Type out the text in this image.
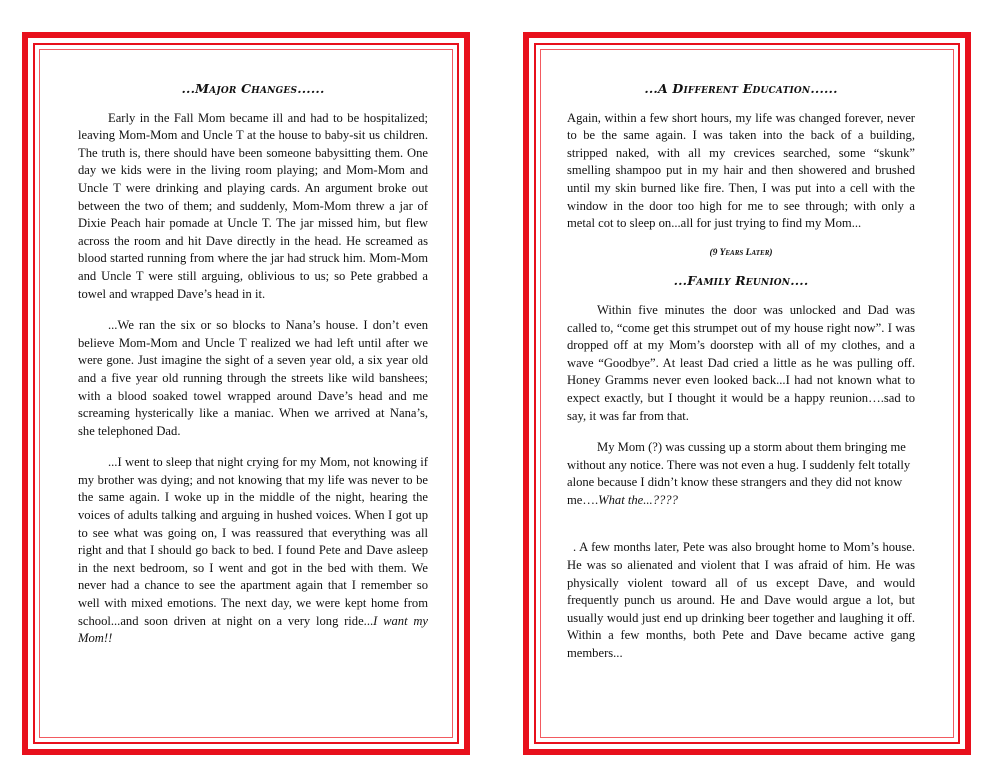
...Major Changes......

Early in the Fall Mom became ill and had to be hospitalized; leaving Mom-Mom and Uncle T at the house to baby-sit us children. The truth is, there should have been someone babysitting them. One day we kids were in the living room playing; and Mom-Mom and Uncle T were drinking and playing cards. An argument broke out between the two of them; and suddenly, Mom-Mom threw a jar of Dixie Peach hair pomade at Uncle T. The jar missed him, but flew across the room and hit Dave directly in the head. He screamed as blood started running from where the jar had struck him. Mom-Mom and Uncle T were still arguing, oblivious to us; so Pete grabbed a towel and wrapped Dave’s head in it.

...We ran the six or so blocks to Nana’s house. I don’t even believe Mom-Mom and Uncle T realized we had left until after we were gone. Just imagine the sight of a seven year old, a six year old and a five year old running through the streets like wild banshees; with a blood soaked towel wrapped around Dave’s head and me screaming hysterically like a maniac. When we arrived at Nana’s, she telephoned Dad.

...I went to sleep that night crying for my Mom, not knowing if my brother was dying; and not knowing that my life was never to be the same again. I woke up in the middle of the night, hearing the voices of adults talking and arguing in hushed voices. When I got up to see what was going on, I was reassured that everything was all right and that I should go back to bed. I found Pete and Dave asleep in the next bedroom, so I went and got in the bed with them. We never had a chance to see the apartment again that I remember so well with mixed emotions. The next day, we were kept home from school...and soon driven at night on a very long ride...I want my Mom!!

...A Different Education......

Again, within a few short hours, my life was changed forever, never to be the same again. I was taken into the back of a building, stripped naked, with all my crevices searched, some “skunk” smelling shampoo put in my hair and then showered and brushed until my skin burned like fire. Then, I was put into a cell with the window in the door too high for me to see through; with only a metal cot to sleep on...all for just trying to find my Mom...

(9 Years Later)
...Family Reunion....

Within five minutes the door was unlocked and Dad was called to, “come get this strumpet out of my house right now”. I was dropped off at my Mom’s doorstep with all of my clothes, and a wave “Goodbye”. At least Dad cried a little as he was pulling off. Honey Gramms never even looked back...I had not known what to expect exactly, but I thought it would be a happy reunion….sad to say, it was far from that.

My Mom (?) was cussing up a storm about them bringing me without any notice. There was not even a hug. I suddenly felt totally alone because I didn’t know these strangers and they did not know me….What the...????

. A few months later, Pete was also brought home to Mom’s house. He was so alienated and violent that I was afraid of him. He was physically violent toward all of us except Dave, and would frequently punch us around. He and Dave would argue a lot, but usually would just end up drinking beer together and laughing it off. Within a few months, both Pete and Dave became active gang members...
